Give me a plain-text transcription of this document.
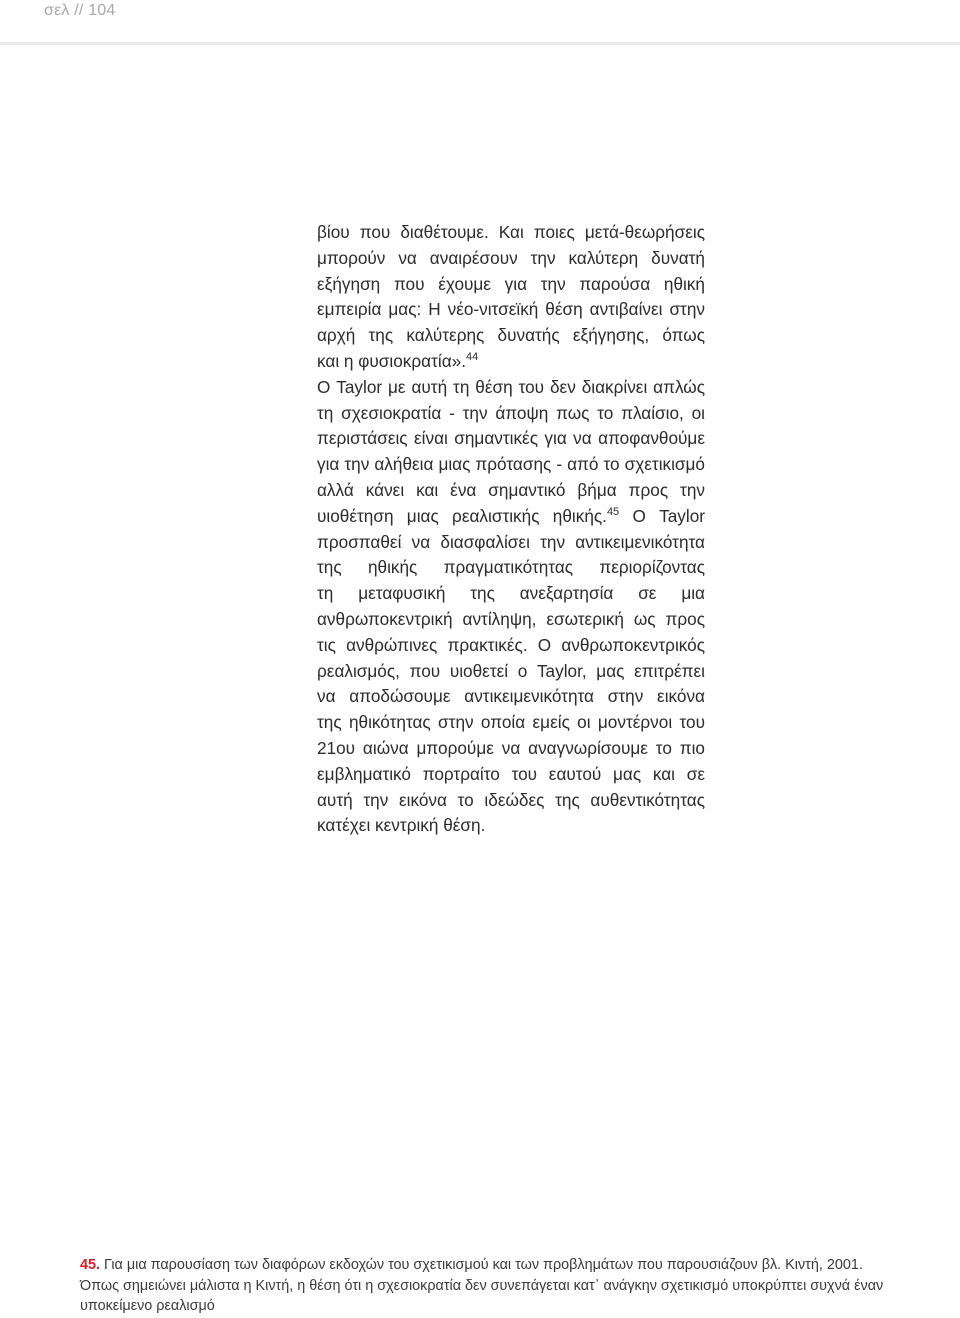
σελ // 104
βίου που διαθέτουμε. Και ποιες μετά-θεωρήσεις
μπορούν να αναιρέσουν την καλύτερη δυνατή
εξήγηση που έχουμε για την παρούσα ηθική
εμπειρία μας: Η νέο-νιτσεϊκή θέση αντιβαίνει στην
αρχή της καλύτερης δυνατής εξήγησης, όπως
και η φυσιοκρατία».$^{44}$
Ο Taylor με αυτή τη θέση του δεν διακρίνει απλώς
τη σχεσιοκρατία - την άποψη πως το πλαίσιο, οι
περιστάσεις είναι σημαντικές για να αποφανθούμε
για την αλήθεια μιας πρότασης - από το σχετικισμό
αλλά κάνει και ένα σημαντικό βήμα προς την
υιοθέτηση μιας ρεαλιστικής ηθικής.$^{45}$ Ο Taylor
προσπαθεί να διασφαλίσει την αντικειμενικότητα
της ηθικής πραγματικότητας περιορίζοντας
τη μεταφυσική της ανεξαρτησία σε μια
ανθρωποκεντρική αντίληψη, εσωτερική ως προς
τις ανθρώπινες πρακτικές. Ο ανθρωποκεντρικός
ρεαλισμός, που υιοθετεί ο Taylor, μας επιτρέπει
να αποδώσουμε αντικειμενικότητα στην εικόνα
της ηθικότητας στην οποία εμείς οι μοντέρνοι του
21ου αιώνα μπορούμε να αναγνωρίσουμε το πιο
εμβληματικό πορτραίτο του εαυτού μας και σε
αυτή την εικόνα το ιδεώδες της αυθεντικότητας
κατέχει κεντρική θέση.
45. Για μια παρουσίαση των διαφόρων εκδοχών του σχετικισμού και των προβλημάτων που παρουσιάζουν βλ. Κιντή, 2001.
Όπως σημειώνει μάλιστα η Κιντή, η θέση ότι η σχεσιοκρατία δεν συνεπάγεται κατ᾽ ανάγκην σχετικισμό υποκρύπτει συχνά έναν
υποκείμενο ρεαλισμό
